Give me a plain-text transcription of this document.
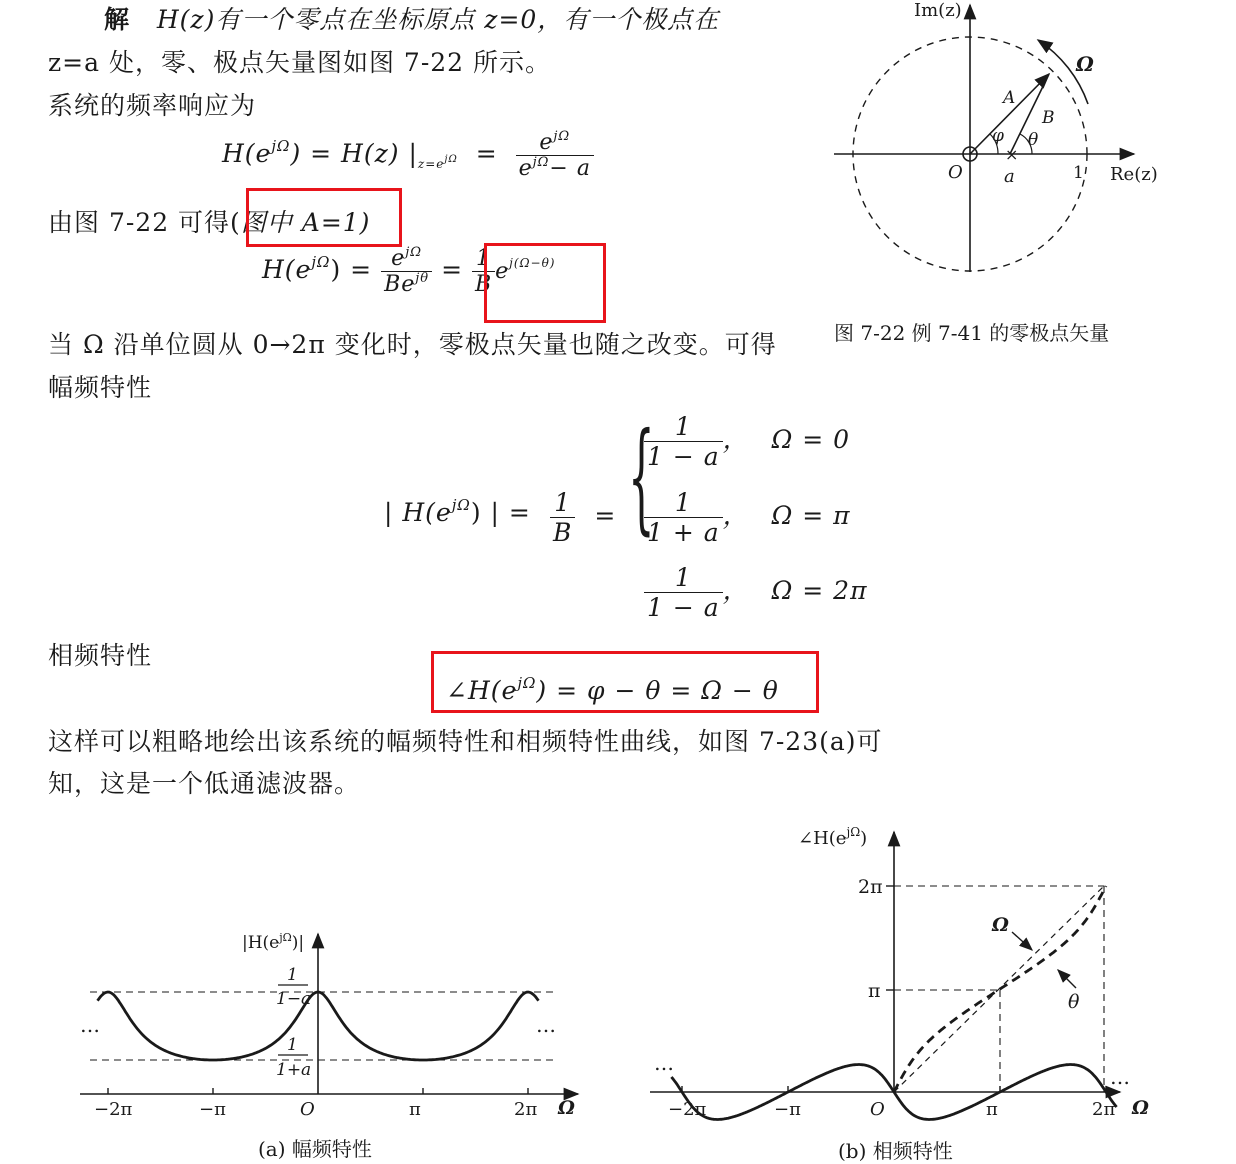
解 H(z)有一个零点在坐标原点 z=0，有一个极点在
z=a 处，零、极点矢量图如图 7-22 所示。
系统的频率响应为
$H(e^{j\Omega}) = H(z) |_{z=e}j\Omega = \frac{e^{j\Omega}}{e^{j\Omega}- a}$
由图 7-22 可得(图中 A=1)
$H(e^{j\Omega}) = \frac{e^{j\Omega}}{Be^{j\theta}} = \frac{1}{B} e^{j(\Omega-\theta)}$
当 Ω 沿单位圆从 0→2π 变化时，零极点矢量也随之改变。可得
幅频特性
| $H(e^{j\Omega})$ | = $\frac{1}{B}$ = {
$\frac{1}{1 - a}$ ， Ω = 0
$\frac{1}{1 + a}$ ， Ω = π
$\frac{1}{1 - a}$ ， Ω = 2π
相频特性
$\angle H(e^{j\Omega}) = \varphi - \theta = \Omega - \theta$
这样可以粗略地绘出该系统的幅频特性和相频特性曲线，如图 7-23(a)可
知，这是一个低通滤波器。
×
Im(z)
Re(z)
Ω
A
B
φ θ
O a	1
图 7-22 例 7-41 的零极点矢量
−2π	−π	O	π	2π
$|H(e^{j\Omega})|$
1
1−a
1
1+a
…	…
Ω
(a) 幅频特性
−2π	−π	O	π	2π
$\angle H(e^{j\Omega})$
2π
π
Ω
θ
…
…
Ω
(b) 相频特性
